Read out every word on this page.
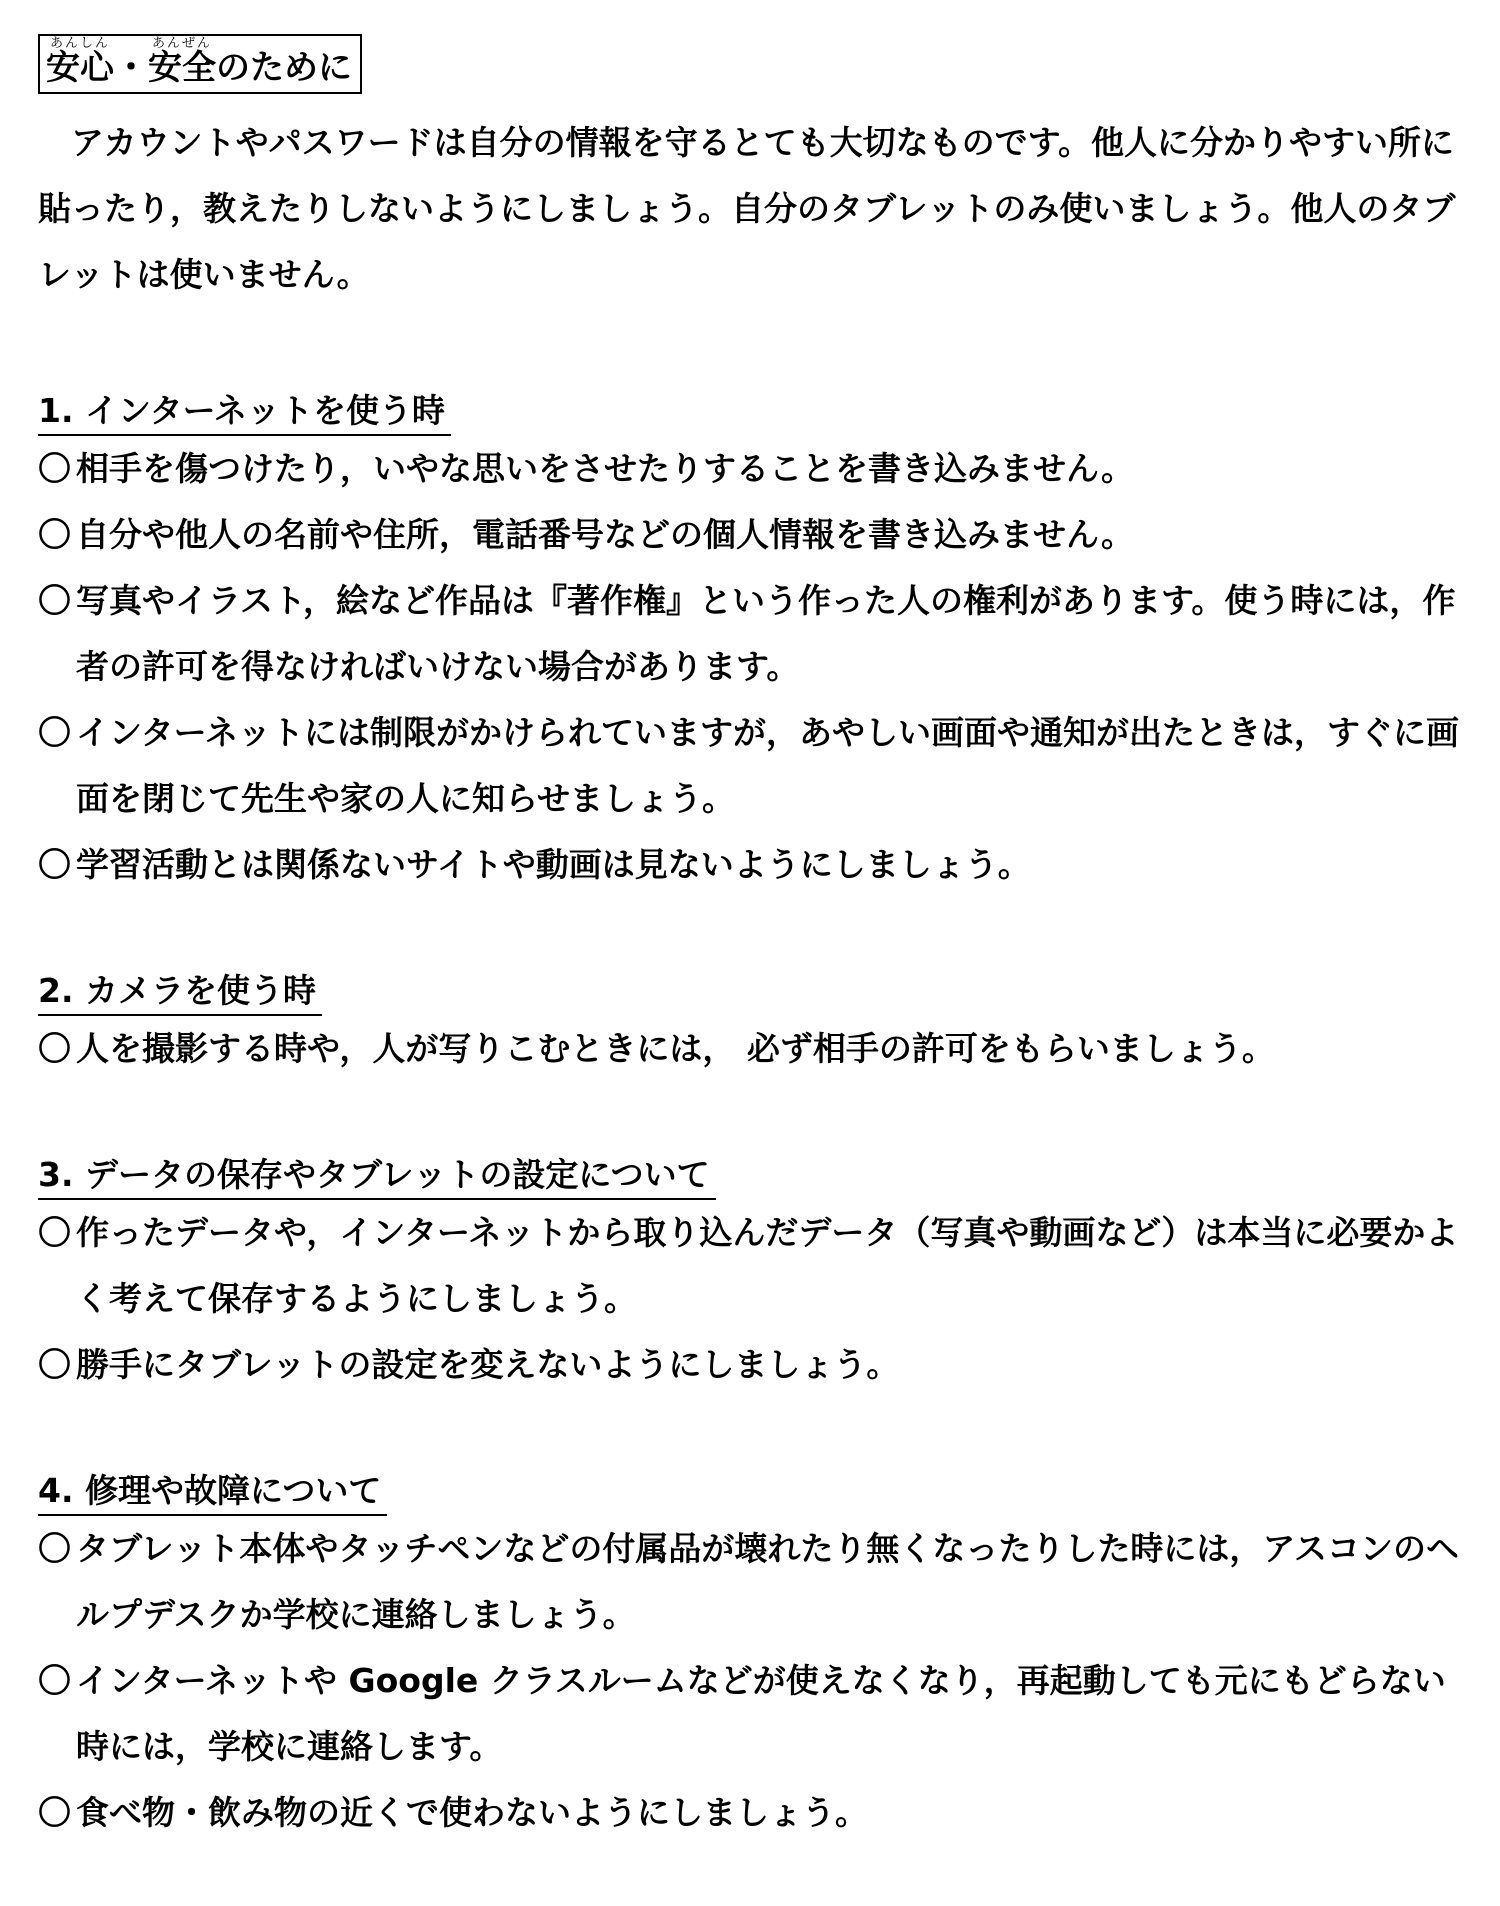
安心あんしん・安全あんぜんのために

アカウントやパスワードは自分の情報を守るとても大切なものです。他人に分かりやすい所に貼ったり，教えたりしないようにしましょう。自分のタブレットのみ使いましょう。他人のタブレットは使いません。

1. インターネットを使う時
〇 相手を傷つけたり，いやな思いをさせたりすることを書き込みません。
〇 自分や他人の名前や住所，電話番号などの個人情報を書き込みません。
〇 写真やイラスト，絵など作品は『著作権』という作った人の権利があります。使う時には，作者の許可を得なければいけない場合があります。
〇 インターネットには制限がかけられていますが，あやしい画面や通知が出たときは，すぐに画面を閉じて先生や家の人に知らせましょう。
〇 学習活動とは関係ないサイトや動画は見ないようにしましょう。
2. カメラを使う時
〇 人を撮影する時や，人が写りこむときには， 必ず相手の許可をもらいましょう。
3. データの保存やタブレットの設定について
〇 作ったデータや，インターネットから取り込んだデータ（写真や動画など）は本当に必要かよく考えて保存するようにしましょう。
〇 勝手にタブレットの設定を変えないようにしましょう。
4. 修理や故障について
〇 タブレット本体やタッチペンなどの付属品が壊れたり無くなったりした時には，アスコンのヘルプデスクか学校に連絡しましょう。
〇 インターネットや Google クラスルームなどが使えなくなり，再起動しても元にもどらない時には，学校に連絡します。
〇 食べ物・飲み物の近くで使わないようにしましょう。
